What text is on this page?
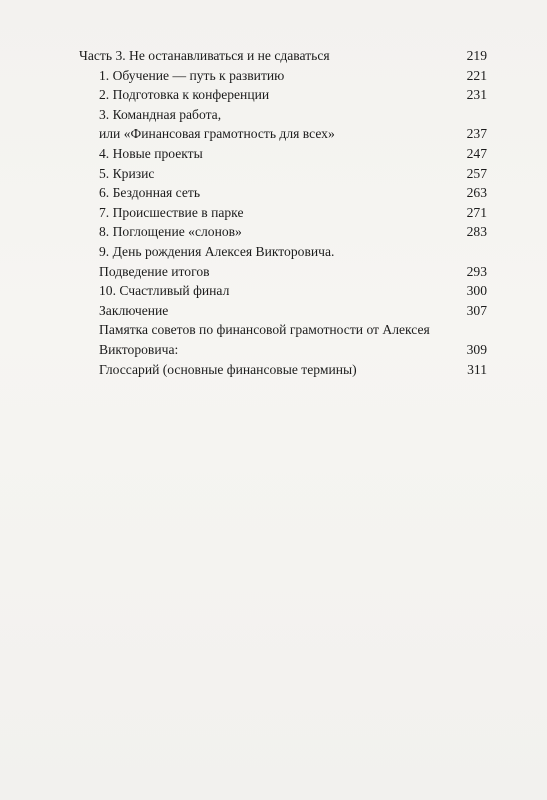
Часть 3. Не останавливаться и не сдаваться	219
1. Обучение — путь к развитию	221
2. Подготовка к конференции	231
3. Командная работа,
или «Финансовая грамотность для всех»	237
4. Новые проекты	247
5. Кризис	257
6. Бездонная сеть	263
7. Происшествие в парке	271
8. Поглощение «слонов»	283
9. День рождения Алексея Викторовича.
Подведение итогов	293
10. Счастливый финал	300
Заключение	307
Памятка советов по финансовой грамотности от Алексея
Викторовича:	309
Глоссарий (основные финансовые термины)	311
